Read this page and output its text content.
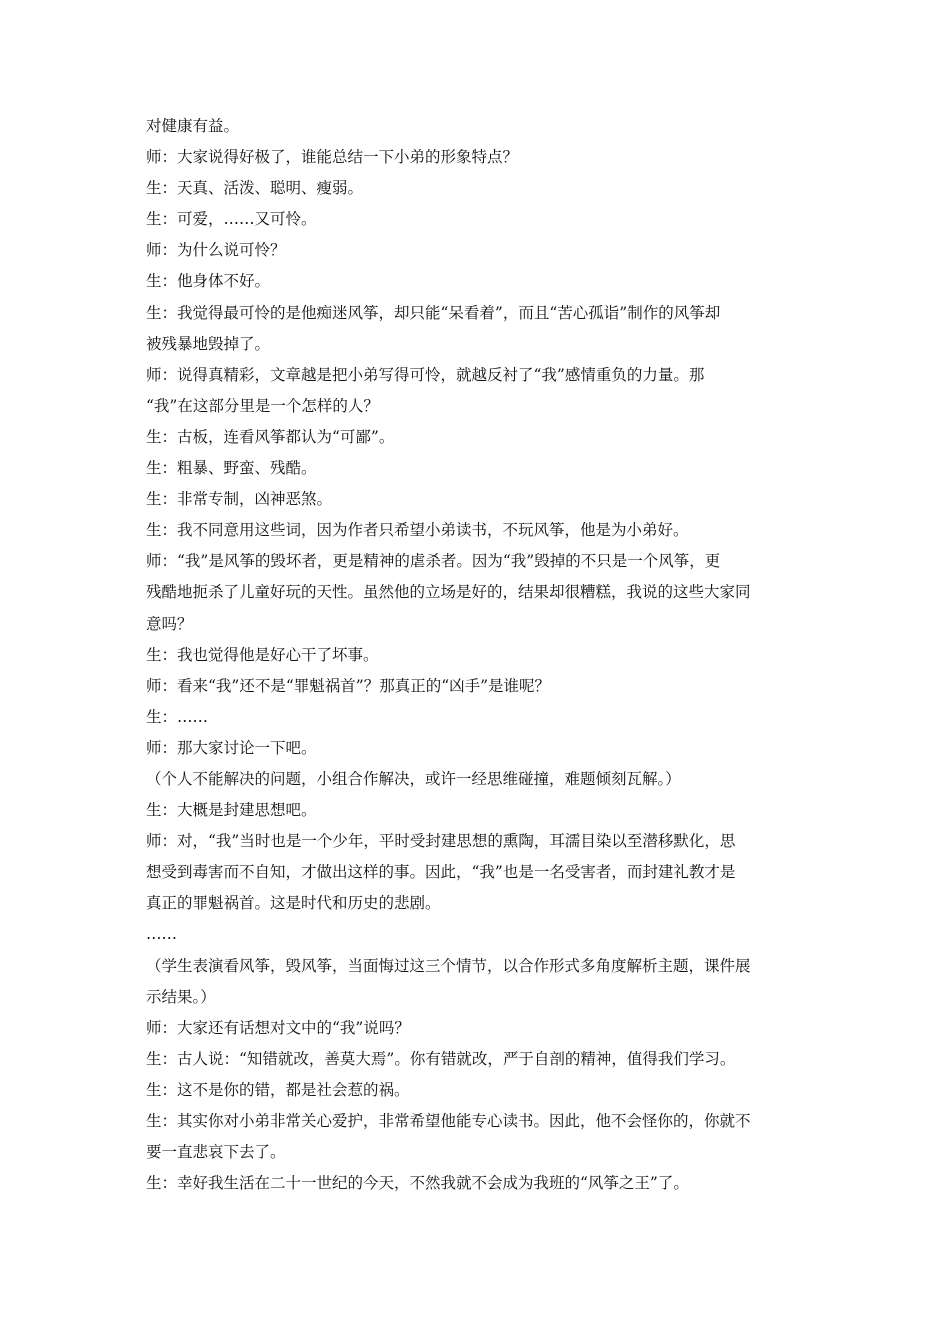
对健康有益。
师：大家说得好极了，谁能总结一下小弟的形象特点？
生：天真、活泼、聪明、瘦弱。
生：可爱，……又可怜。
师：为什么说可怜？
生：他身体不好。
生：我觉得最可怜的是他痴迷风筝，却只能“呆看着”，而且“苦心孤诣”制作的风筝却
被残暴地毁掉了。
师：说得真精彩，文章越是把小弟写得可怜，就越反衬了“我”感情重负的力量。那
“我”在这部分里是一个怎样的人？
生：古板，连看风筝都认为“可鄙”。
生：粗暴、野蛮、残酷。
生：非常专制，凶神恶煞。
生：我不同意用这些词，因为作者只希望小弟读书，不玩风筝，他是为小弟好。
师：“我”是风筝的毁坏者，更是精神的虐杀者。因为“我”毁掉的不只是一个风筝，更
残酷地扼杀了儿童好玩的天性。虽然他的立场是好的，结果却很糟糕，我说的这些大家同
意吗？
生：我也觉得他是好心干了坏事。
师：看来“我”还不是“罪魁祸首”？那真正的“凶手”是谁呢？
生：……
师：那大家讨论一下吧。
（个人不能解决的问题，小组合作解决，或许一经思维碰撞，难题倾刻瓦解。）
生：大概是封建思想吧。
师：对，“我”当时也是一个少年，平时受封建思想的熏陶，耳濡目染以至潜移默化，思
想受到毒害而不自知，才做出这样的事。因此，“我”也是一名受害者，而封建礼教才是
真正的罪魁祸首。这是时代和历史的悲剧。
……
（学生表演看风筝，毁风筝，当面悔过这三个情节，以合作形式多角度解析主题，课件展
示结果。）
师：大家还有话想对文中的“我”说吗？
生：古人说：“知错就改，善莫大焉”。你有错就改，严于自剖的精神，值得我们学习。
生：这不是你的错，都是社会惹的祸。
生：其实你对小弟非常关心爱护，非常希望他能专心读书。因此，他不会怪你的，你就不
要一直悲哀下去了。
生：幸好我生活在二十一世纪的今天，不然我就不会成为我班的“风筝之王”了。
